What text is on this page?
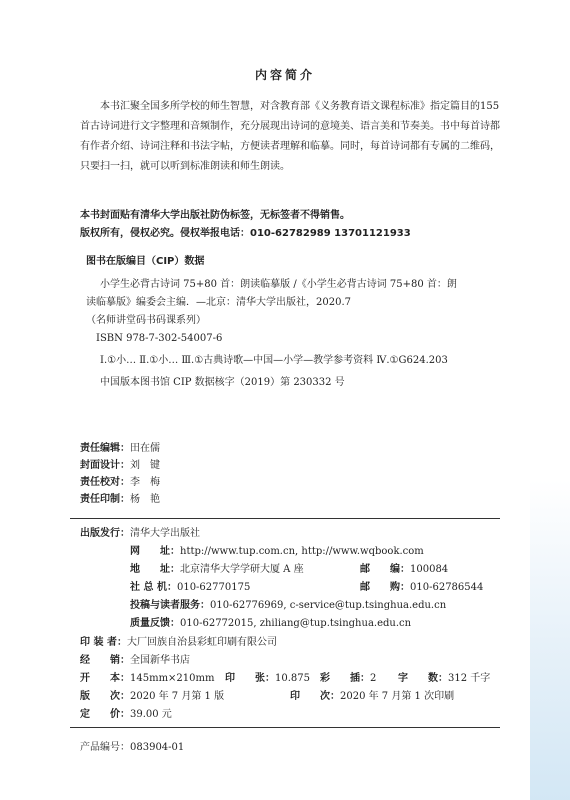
内容简介

本书汇聚全国多所学校的师生智慧，对含教育部《义务教育语文课程标准》指定篇目的155首古诗词进行文字整理和音频制作，充分展现出诗词的意境美、语言美和节奏美。书中每首诗都有作者介绍、诗词注释和书法字帖，方便读者理解和临摹。同时，每首诗词都有专属的二维码，只要扫一扫，就可以听到标准朗读和师生朗读。

本书封面贴有清华大学出版社防伪标签，无标签者不得销售。
版权所有，侵权必究。侵权举报电话：010-62782989 13701121933
图书在版编目（CIP）数据
小学生必背古诗词 75+80 首：朗读临摹版 /《小学生必背古诗词 75+80 首：朗
读临摹版》编委会主编．—北京：清华大学出版社，2020.7
（名师讲堂码书码课系列）
ISBN 978-7-302-54007-6
Ⅰ.①小… Ⅱ.①小… Ⅲ.①古典诗歌—中国—小学—教学参考资料 Ⅳ.①G624.203
中国版本图书馆 CIP 数据核字（2019）第 230332 号
责任编辑：田在儒
封面设计：刘　键
责任校对：李　梅
责任印制：杨　艳
出版发行：清华大学出版社
网　　址：http://www.tup.com.cn, http://www.wqbook.com
地　　址：北京清华大学学研大厦 A 座	邮　　编：100084
社 总 机：010-62770175	邮　　购：010-62786544
投稿与读者服务：010-62776969, c-service@tup.tsinghua.edu.cn
质量反馈：010-62772015, zhiliang@tup.tsinghua.edu.cn
印 装 者：大厂回族自治县彩虹印刷有限公司
经　　销：全国新华书店
开　　本：145mm×210mm 印　　张：10.875 彩　　插：2 字　　数：312 千字
版　　次：2020 年 7 月第 1 版	印　　次：2020 年 7 月第 1 次印刷
定　　价：39.00 元
产品编号：083904-01
